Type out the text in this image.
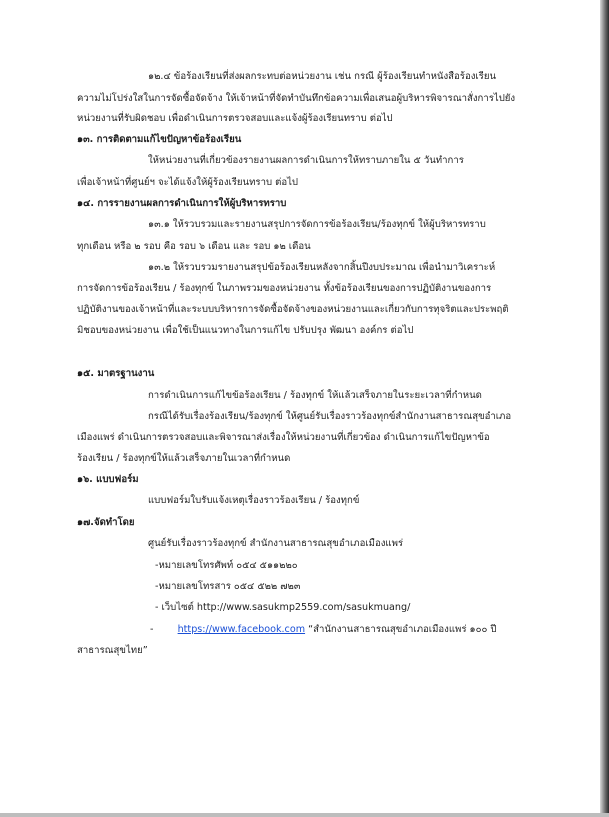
๑๒.๔ ข้อร้องเรียนที่ส่งผลกระทบต่อหน่วยงาน เช่น กรณี ผู้ร้องเรียนทำหนังสือร้องเรียน
ความไม่โปร่งใสในการจัดซื้อจัดจ้าง ให้เจ้าหน้าที่จัดทำบันทึกข้อความเพื่อเสนอผู้บริหารพิจารณาสั่งการไปยัง
หน่วยงานที่รับผิดชอบ เพื่อดำเนินการตรวจสอบและแจ้งผู้ร้องเรียนทราบ ต่อไป
๑๓. การติดตามแก้ไขปัญหาข้อร้องเรียน
ให้หน่วยงานที่เกี่ยวข้องรายงานผลการดำเนินการให้ทราบภายใน ๕ วันทำการ
เพื่อเจ้าหน้าที่ศูนย์ฯ จะได้แจ้งให้ผู้ร้องเรียนทราบ ต่อไป
๑๔. การรายงานผลการดำเนินการให้ผู้บริหารทราบ
๑๓.๑ ให้รวบรวมและรายงานสรุปการจัดการข้อร้องเรียน/ร้องทุกข์ ให้ผู้บริหารทราบ
ทุกเดือน หรือ ๒ รอบ คือ รอบ ๖ เดือน และ รอบ ๑๒ เดือน
๑๓.๒ ให้รวบรวมรายงานสรุปข้อร้องเรียนหลังจากสิ้นปีงบประมาณ เพื่อนำมาวิเคราะห์
การจัดการข้อร้องเรียน / ร้องทุกข์ ในภาพรวมของหน่วยงาน ทั้งข้อร้องเรียนของการปฏิบัติงานของการ
ปฏิบัติงานของเจ้าหน้าที่และระบบบริหารการจัดซื้อจัดจ้างของหน่วยงานและเกี่ยวกับการทุจริตและประพฤติ
มิชอบของหน่วยงาน เพื่อใช้เป็นแนวทางในการแก้ไข ปรับปรุง พัฒนา องค์กร ต่อไป
๑๕. มาตรฐานงาน
การดำเนินการแก้ไขข้อร้องเรียน / ร้องทุกข์ ให้แล้วเสร็จภายในระยะเวลาที่กำหนด
กรณีได้รับเรื่องร้องเรียน/ร้องทุกข์ ให้ศูนย์รับเรื่องราวร้องทุกข์สำนักงานสาธารณสุขอำเภอ
เมืองแพร่ ดำเนินการตรวจสอบและพิจารณาส่งเรื่องให้หน่วยงานที่เกี่ยวข้อง ดำเนินการแก้ไขปัญหาข้อ
ร้องเรียน / ร้องทุกข์ให้แล้วเสร็จภายในเวลาที่กำหนด
๑๖. แบบฟอร์ม
แบบฟอร์มใบรับแจ้งเหตุเรื่องราวร้องเรียน / ร้องทุกข์
๑๗.จัดทำโดย
ศูนย์รับเรื่องราวร้องทุกข์ สำนักงานสาธารณสุขอำเภอเมืองแพร่
-หมายเลขโทรศัพท์ ๐๕๔ ๕๑๑๒๒๐
-หมายเลขโทรสาร ๐๕๔ ๕๒๒ ๗๒๓
- เว็บไซต์ http://www.sasukmp2559.com/sasukmuang/
-	https://www.facebook.com “สำนักงานสาธารณสุขอำเภอเมืองแพร่ ๑๐๐ ปี
สาธารณสุขไทย”
